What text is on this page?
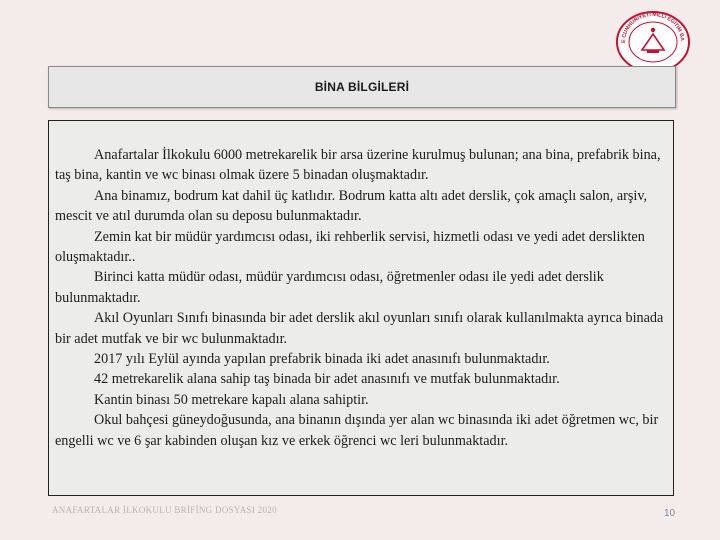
E CUMHURİYETİ MİLLİ EĞİTİM BA
BİNA BİLGİLERİ

Anafartalar İlkokulu 6000 metrekarelik bir arsa üzerine kurulmuş bulunan; ana bina, prefabrik bina, taş bina, kantin ve wc binası olmak üzere 5 binadan oluşmaktadır.

Ana binamız, bodrum kat dahil üç katlıdır. Bodrum katta altı adet derslik, çok amaçlı salon, arşiv, mescit ve atıl durumda olan su deposu bulunmaktadır.

Zemin kat bir müdür yardımcısı odası, iki rehberlik servisi, hizmetli odası ve yedi adet derslikten oluşmaktadır..

Birinci katta müdür odası, müdür yardımcısı odası, öğretmenler odası ile yedi adet derslik bulunmaktadır.

Akıl Oyunları Sınıfı binasında bir adet derslik akıl oyunları sınıfı olarak kullanılmakta ayrıca binada bir adet mutfak ve bir wc bulunmaktadır.

2017 yılı Eylül ayında yapılan prefabrik binada iki adet anasınıfı bulunmaktadır.

42 metrekarelik alana sahip taş binada bir adet anasınıfı ve mutfak bulunmaktadır.

Kantin binası 50 metrekare kapalı alana sahiptir.

Okul bahçesi güneydoğusunda, ana binanın dışında yer alan wc binasında iki adet öğretmen wc, bir engelli wc ve 6 şar kabinden oluşan kız ve erkek öğrenci wc leri bulunmaktadır.

ANAFARTALAR İLKOKULU BRİFİNG DOSYASI 2020	10
